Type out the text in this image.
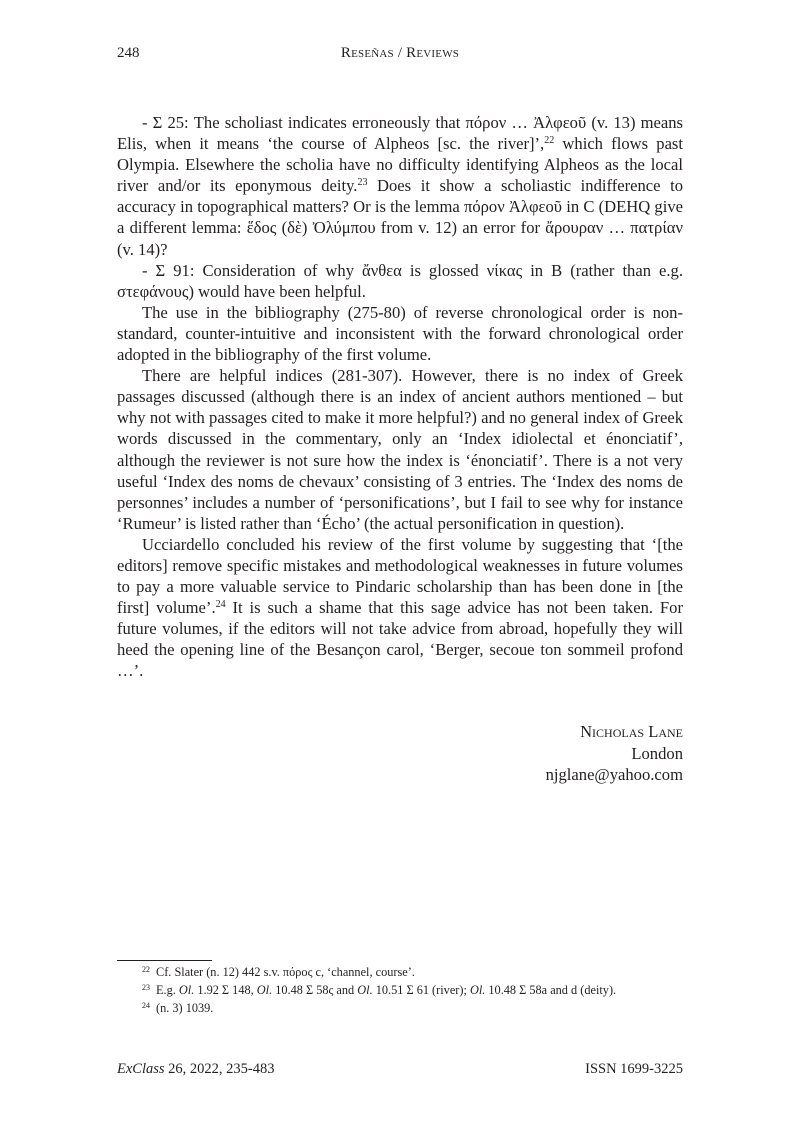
248	Reseñas / Reviews

- Σ 25: The scholiast indicates erroneously that πόρον … Ἀλφεοῦ (v. 13) means Elis, when it means ‘the course of Alpheos [sc. the river]’,$^{22}$ which flows past Olympia. Elsewhere the scholia have no difficulty identifying Alpheos as the local river and/or its eponymous deity.$^{23}$ Does it show a scholiastic indifference to accuracy in topographical matters? Or is the lemma πόρον Ἀλφεοῦ in C (DEHQ give a different lemma: ἕδος (δὲ) Ὀλύμπου from v. 12) an error for ἄρουραν … πατρίαν (v. 14)?

- Σ 91: Consideration of why ἄνθεα is glossed νίκας in B (rather than e.g. στεφάνους) would have been helpful.

The use in the bibliography (275-80) of reverse chronological order is non-standard, counter-intuitive and inconsistent with the forward chronological order adopted in the bibliography of the first volume.

There are helpful indices (281-307). However, there is no index of Greek passages discussed (although there is an index of ancient authors mentioned – but why not with passages cited to make it more helpful?) and no general index of Greek words discussed in the commentary, only an ‘Index idiolectal et énonciatif’, although the reviewer is not sure how the index is ‘énonciatif’. There is a not very useful ‘Index des noms de chevaux’ consisting of 3 entries. The ‘Index des noms de personnes’ includes a number of ‘personifications’, but I fail to see why for instance ‘Rumeur’ is listed rather than ‘Écho’ (the actual personification in question).

Ucciardello concluded his review of the first volume by suggesting that ‘[the editors] remove specific mistakes and methodological weaknesses in future volumes to pay a more valuable service to Pindaric scholarship than has been done in [the first] volume’.$^{24}$ It is such a shame that this sage advice has not been taken. For future volumes, if the editors will not take advice from abroad, hopefully they will heed the opening line of the Besançon carol, ‘Berger, secoue ton sommeil profond …’.

Nicholas Lane
London
njglane@yahoo.com
22 Cf. Slater (n. 12) 442 s.v. πόρος c, ‘channel, course’.
23 E.g. Ol. 1.92 Σ 148, Ol. 10.48 Σ 58ς and Ol. 10.51 Σ 61 (river); Ol. 10.48 Σ 58a and d (deity).
24 (n. 3) 1039.
ExClass 26, 2022, 235-483	ISSN 1699-3225
